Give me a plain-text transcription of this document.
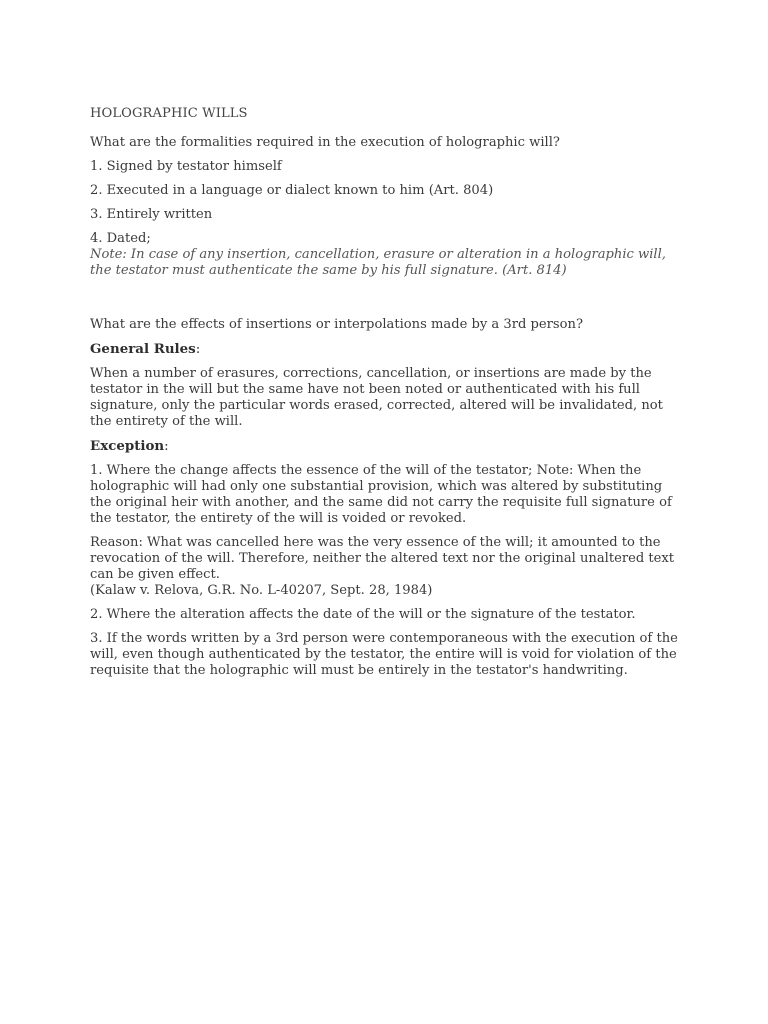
HOLOGRAPHIC WILLS

What are the formalities required in the execution of holographic will?

1. Signed by testator himself

2. Executed in a language or dialect known to him (Art. 804)

3. Entirely written

4. Dated;

Note: In case of any insertion, cancellation, erasure or alteration in a holographic will, the testator must authenticate the same by his full signature. (Art. 814)

What are the effects of insertions or interpolations made by a 3rd person?

General Rules:

When a number of erasures, corrections, cancellation, or insertions are made by the testator in the will but the same have not been noted or authenticated with his full signature, only the particular words erased, corrected, altered will be invalidated, not the entirety of the will.

Exception:

1. Where the change affects the essence of the will of the testator; Note: When the holographic will had only one substantial provision, which was altered by substituting the original heir with another, and the same did not carry the requisite full signature of the testator, the entirety of the will is voided or revoked.

Reason: What was cancelled here was the very essence of the will; it amounted to the revocation of the will. Therefore, neither the altered text nor the original unaltered text can be given effect.

(Kalaw v. Relova, G.R. No. L-40207, Sept. 28, 1984)

2. Where the alteration affects the date of the will or the signature of the testator.

3. If the words written by a 3rd person were contemporaneous with the execution of the will, even though authenticated by the testator, the entire will is void for violation of the requisite that the holographic will must be entirely in the testator's handwriting.
